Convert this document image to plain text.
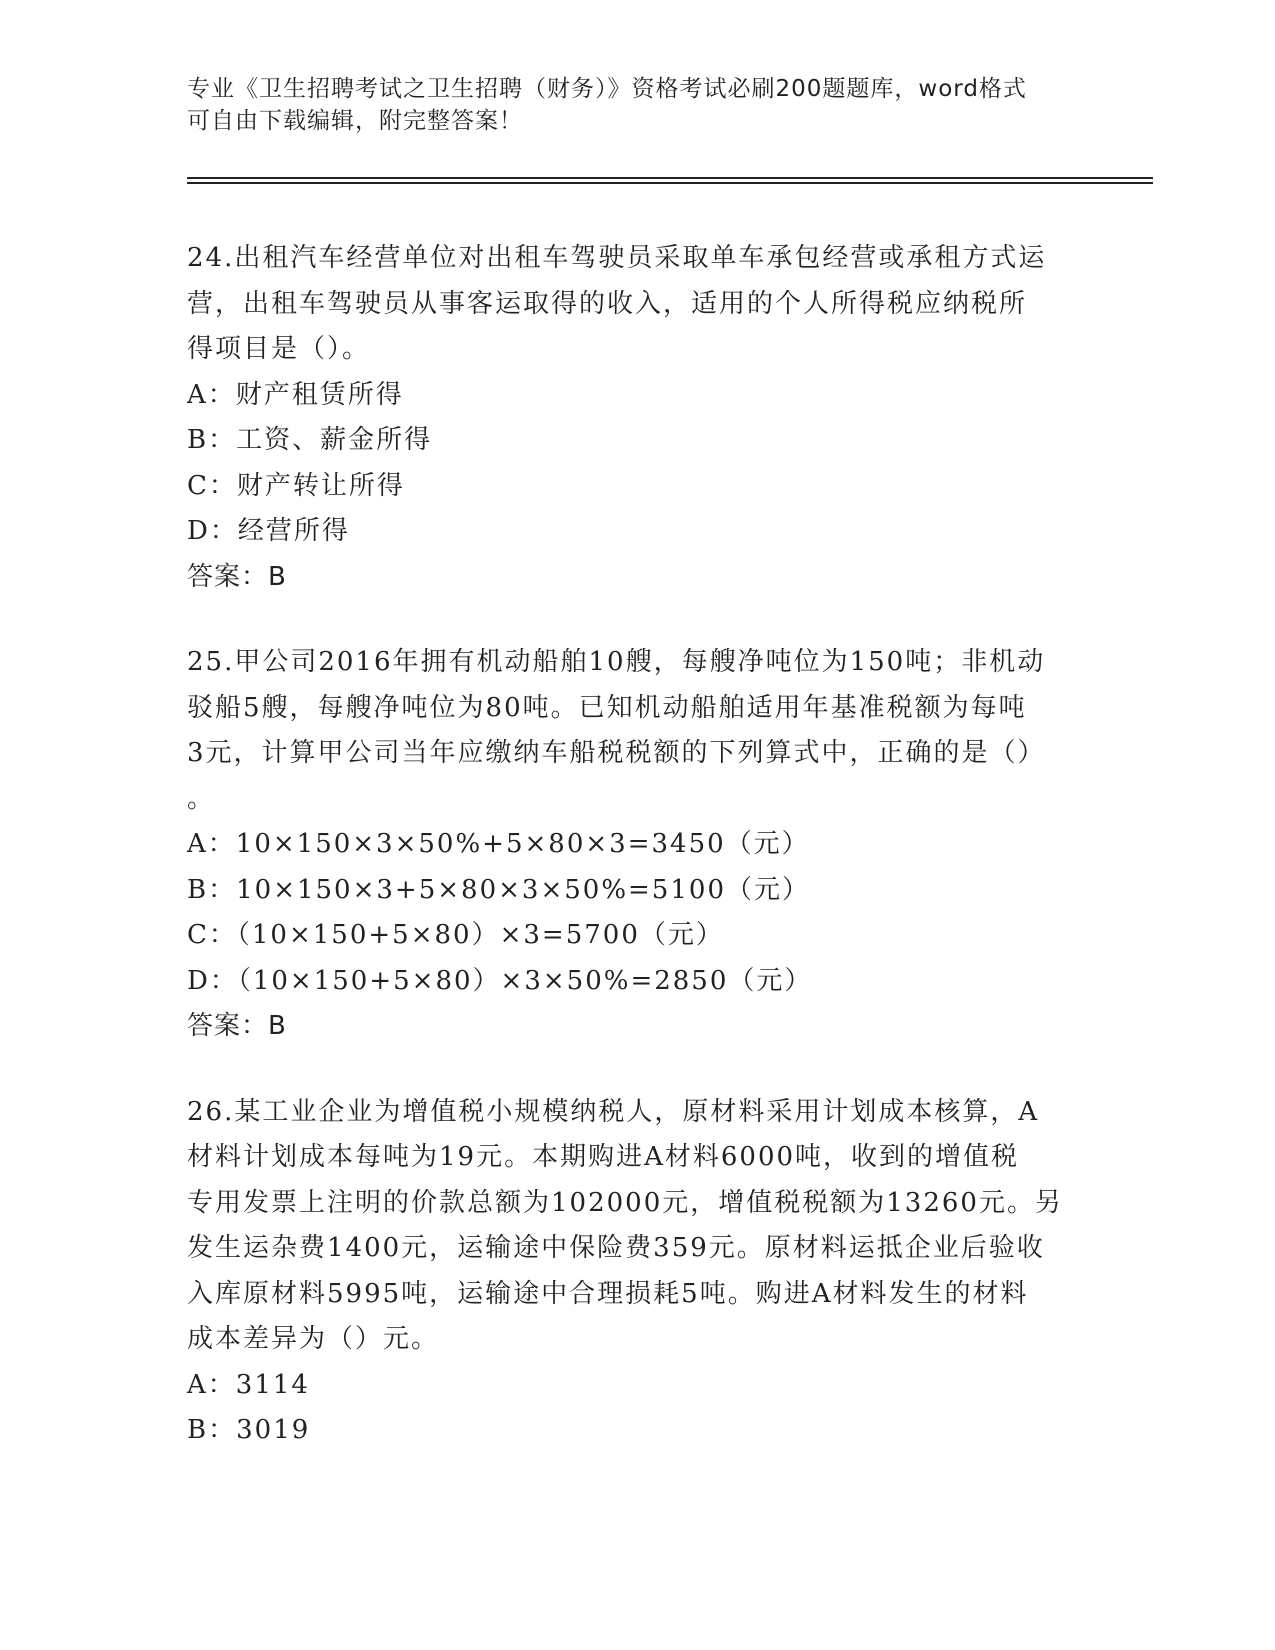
专业《卫生招聘考试之卫生招聘（财务）》资格考试必刷200题题库，word格式
可自由下载编辑，附完整答案！
24.出租汽车经营单位对出租车驾驶员采取单车承包经营或承租方式运
营，出租车驾驶员从事客运取得的收入，适用的个人所得税应纳税所
得项目是（）。
A：财产租赁所得
B：工资、薪金所得
C：财产转让所得
D：经营所得
答案：B
25.甲公司2016年拥有机动船舶10艘，每艘净吨位为150吨；非机动
驳船5艘，每艘净吨位为80吨。已知机动船舶适用年基准税额为每吨
3元，计算甲公司当年应缴纳车船税税额的下列算式中，正确的是（）
。
A：10×150×3×50%+5×80×3=3450（元）
B：10×150×3+5×80×3×50%=5100（元）
C：（10×150+5×80）×3=5700（元）
D：（10×150+5×80）×3×50%=2850（元）
答案：B
26.某工业企业为增值税小规模纳税人，原材料采用计划成本核算，A
材料计划成本每吨为19元。本期购进A材料6000吨，收到的增值税
专用发票上注明的价款总额为102000元，增值税税额为13260元。另
发生运杂费1400元，运输途中保险费359元。原材料运抵企业后验收
入库原材料5995吨，运输途中合理损耗5吨。购进A材料发生的材料
成本差异为（）元。
A：3114
B：3019
